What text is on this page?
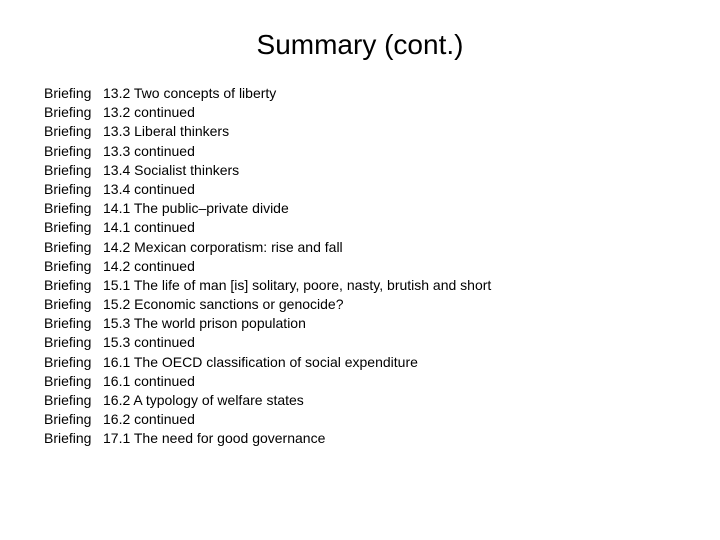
Summary (cont.)
Briefing 13.2 Two concepts of liberty
Briefing 13.2 continued
Briefing 13.3 Liberal thinkers
Briefing 13.3 continued
Briefing 13.4 Socialist thinkers
Briefing 13.4 continued
Briefing 14.1 The public–private divide
Briefing 14.1 continued
Briefing 14.2 Mexican corporatism: rise and fall
Briefing 14.2 continued
Briefing 15.1 The life of man [is] solitary, poore, nasty, brutish and short
Briefing 15.2 Economic sanctions or genocide?
Briefing 15.3 The world prison population
Briefing 15.3 continued
Briefing 16.1 The OECD classification of social expenditure
Briefing 16.1 continued
Briefing 16.2 A typology of welfare states
Briefing 16.2 continued
Briefing 17.1 The need for good governance
